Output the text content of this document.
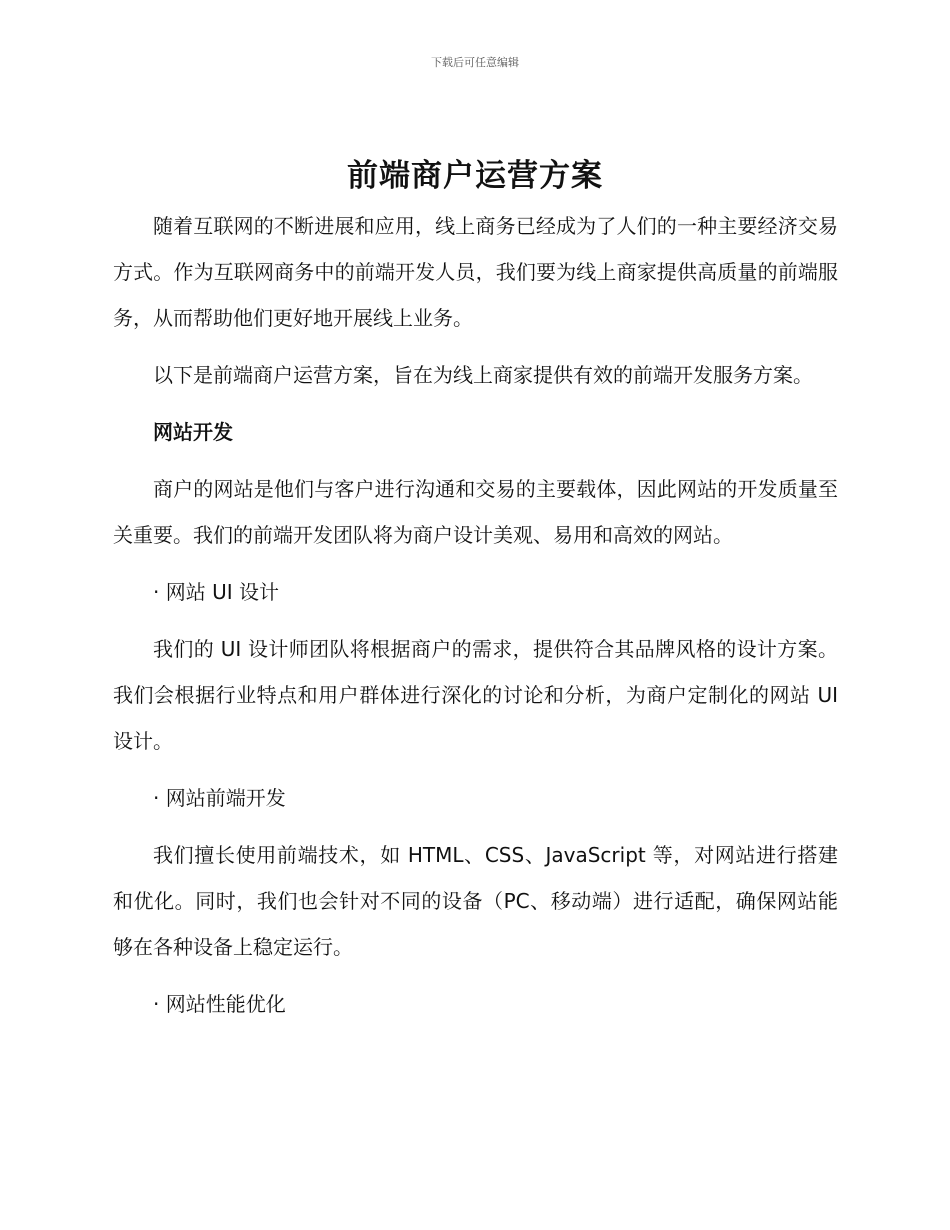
下载后可任意编辑
前端商户运营方案

随着互联网的不断进展和应用，线上商务已经成为了人们的一种主要经济交易方式。作为互联网商务中的前端开发人员，我们要为线上商家提供高质量的前端服务，从而帮助他们更好地开展线上业务。

以下是前端商户运营方案，旨在为线上商家提供有效的前端开发服务方案。

网站开发

商户的网站是他们与客户进行沟通和交易的主要载体，因此网站的开发质量至关重要。我们的前端开发团队将为商户设计美观、易用和高效的网站。

· 网站 UI 设计

我们的 UI 设计师团队将根据商户的需求，提供符合其品牌风格的设计方案。我们会根据行业特点和用户群体进行深化的讨论和分析，为商户定制化的网站 UI 设计。

· 网站前端开发

我们擅长使用前端技术，如 HTML、CSS、JavaScript 等，对网站进行搭建和优化。同时，我们也会针对不同的设备（PC、移动端）进行适配，确保网站能够在各种设备上稳定运行。

· 网站性能优化
